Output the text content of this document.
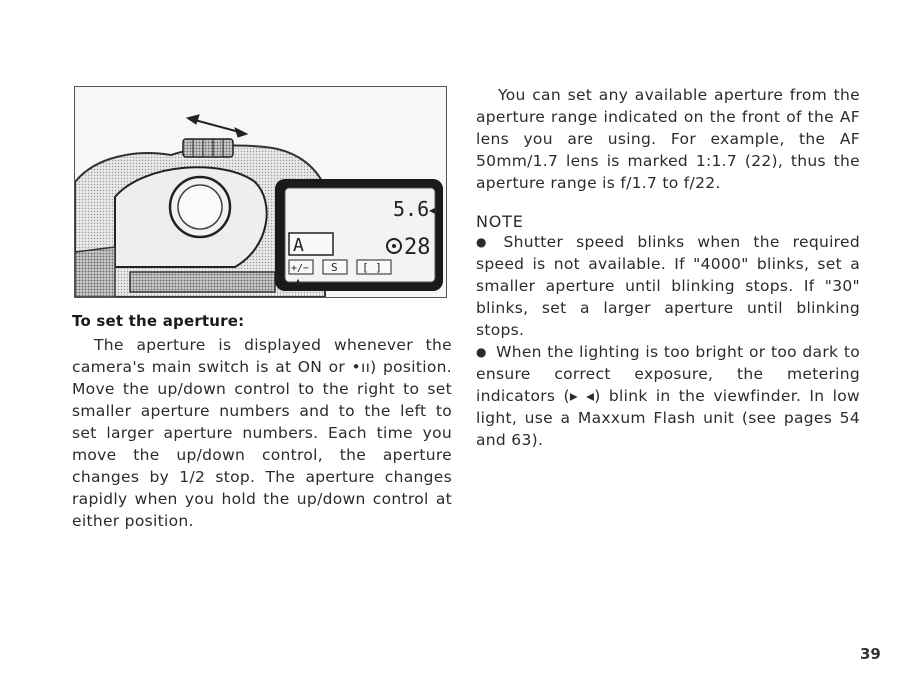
5.6 ◂
A	28
+/−
▲
S [ ]

To set the aperture:

The aperture is displayed whenever the camera's main switch is at ON or •ıı) position. Move the up/down control to the right to set smaller aperture numbers and to the left to set larger aperture numbers. Each time you move the up/down control, the aperture changes by 1/2 stop. The aperture changes rapidly when you hold the up/down control at either position.

You can set any available aperture from the aperture range indicated on the front of the AF lens you are using. For example, the AF 50mm/1.7 lens is marked 1:1.7 (22), thus the aperture range is f/1.7 to f/22.

NOTE

● Shutter speed blinks when the required speed is not available. If "4000" blinks, set a smaller aperture until blinking stops. If "30" blinks, set a larger aperture until blinking stops.

● When the lighting is too bright or too dark to ensure correct exposure, the metering indicators (▸ ◂) blink in the viewfinder. In low light, use a Maxxum Flash unit (see pages 54 and 63).

39
